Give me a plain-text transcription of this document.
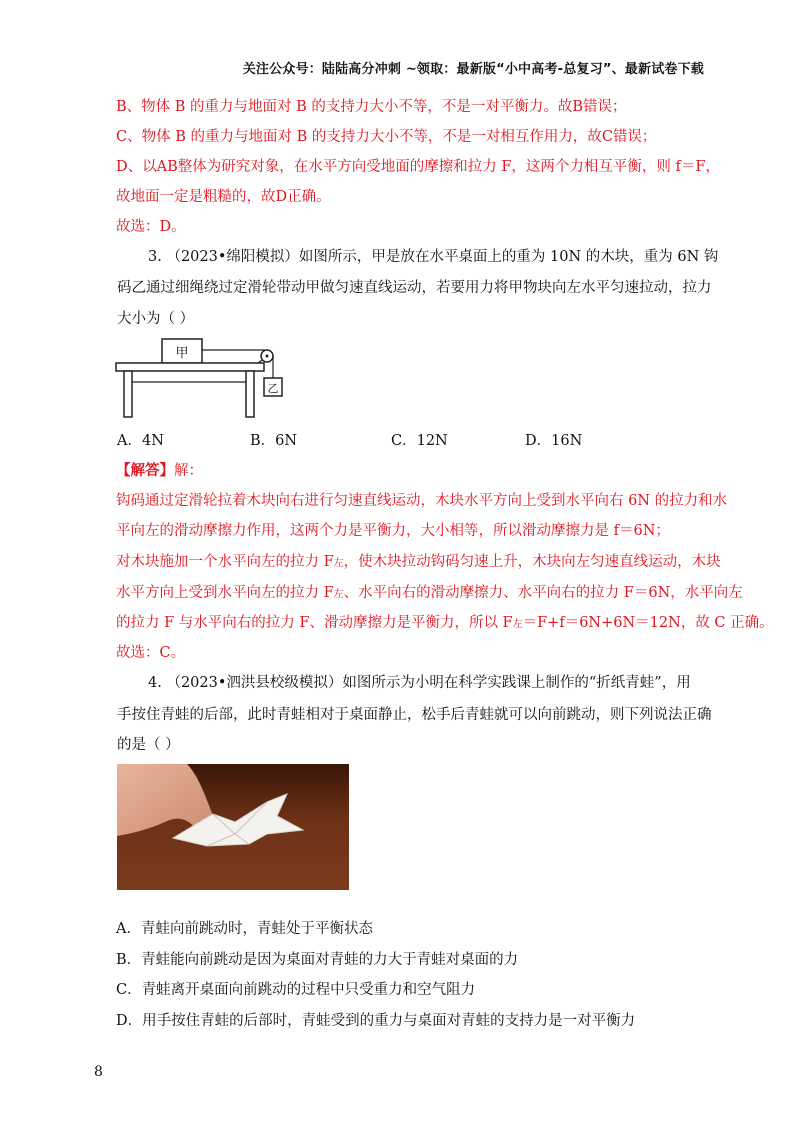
关注公众号：陆陆高分冲刺 ~领取：最新版“小中高考-总复习”、最新试卷下载
B、物体 B 的重力与地面对 B 的支持力大小不等，不是一对平衡力。故B错误；
C、物体 B 的重力与地面对 B 的支持力大小不等，不是一对相互作用力，故C错误；
D、以AB整体为研究对象，在水平方向受地面的摩擦和拉力 F，这两个力相互平衡，则 f＝F，
故地面一定是粗糙的，故D正确。
故选：D。
3. （2023•绵阳模拟）如图所示，甲是放在水平桌面上的重为 10N 的木块，重为 6N 钩
码乙通过细绳绕过定滑轮带动甲做匀速直线运动，若要用力将甲物块向左水平匀速拉动，拉力
大小为（ ）
甲
乙
A．4N	B．6N	C．12N	D．16N
【解答】解：
钩码通过定滑轮拉着木块向右进行匀速直线运动，木块水平方向上受到水平向右 6N 的拉力和水
平向左的滑动摩擦力作用，这两个力是平衡力，大小相等，所以滑动摩擦力是 f＝6N；
对木块施加一个水平向左的拉力 F左，使木块拉动钩码匀速上升，木块向左匀速直线运动，木块
水平方向上受到水平向左的拉力 F左、水平向右的滑动摩擦力、水平向右的拉力 F＝6N，水平向左
的拉力 F 与水平向右的拉力 F、滑动摩擦力是平衡力，所以 F左＝F+f＝6N+6N＝12N，故 C 正确。
故选：C。
4. （2023•泗洪县校级模拟）如图所示为小明在科学实践课上制作的“折纸青蛙”，用
手按住青蛙的后部，此时青蛙相对于桌面静止，松手后青蛙就可以向前跳动，则下列说法正确
的是（ ）
A．青蛙向前跳动时，青蛙处于平衡状态
B．青蛙能向前跳动是因为桌面对青蛙的力大于青蛙对桌面的力
C．青蛙离开桌面向前跳动的过程中只受重力和空气阻力
D．用手按住青蛙的后部时，青蛙受到的重力与桌面对青蛙的支持力是一对平衡力
8
